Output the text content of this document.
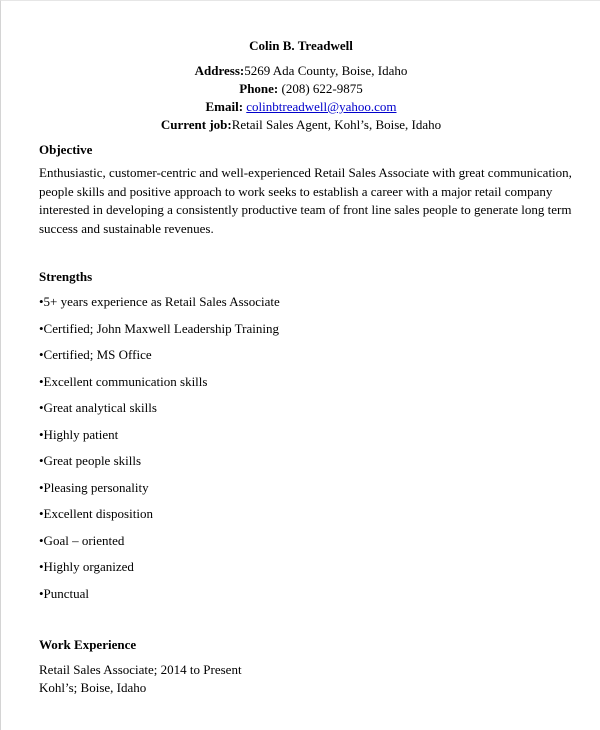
Colin B. Treadwell
Address:5269 Ada County, Boise, Idaho
Phone: (208) 622-9875
Email: colinbtreadwell@yahoo.com
Current job:Retail Sales Agent, Kohl’s, Boise, Idaho
Objective
Enthusiastic, customer-centric and well-experienced Retail Sales Associate with great communication, people skills and positive approach to work seeks to establish a career with a major retail company interested in developing a consistently productive team of front line sales people to generate long term success and sustainable revenues.
Strengths
•5+ years experience as Retail Sales Associate
•Certified; John Maxwell Leadership Training
•Certified; MS Office
•Excellent communication skills
•Great analytical skills
•Highly patient
•Great people skills
•Pleasing personality
•Excellent disposition
•Goal – oriented
•Highly organized
•Punctual
Work Experience
Retail Sales Associate; 2014 to Present
Kohl’s; Boise, Idaho
